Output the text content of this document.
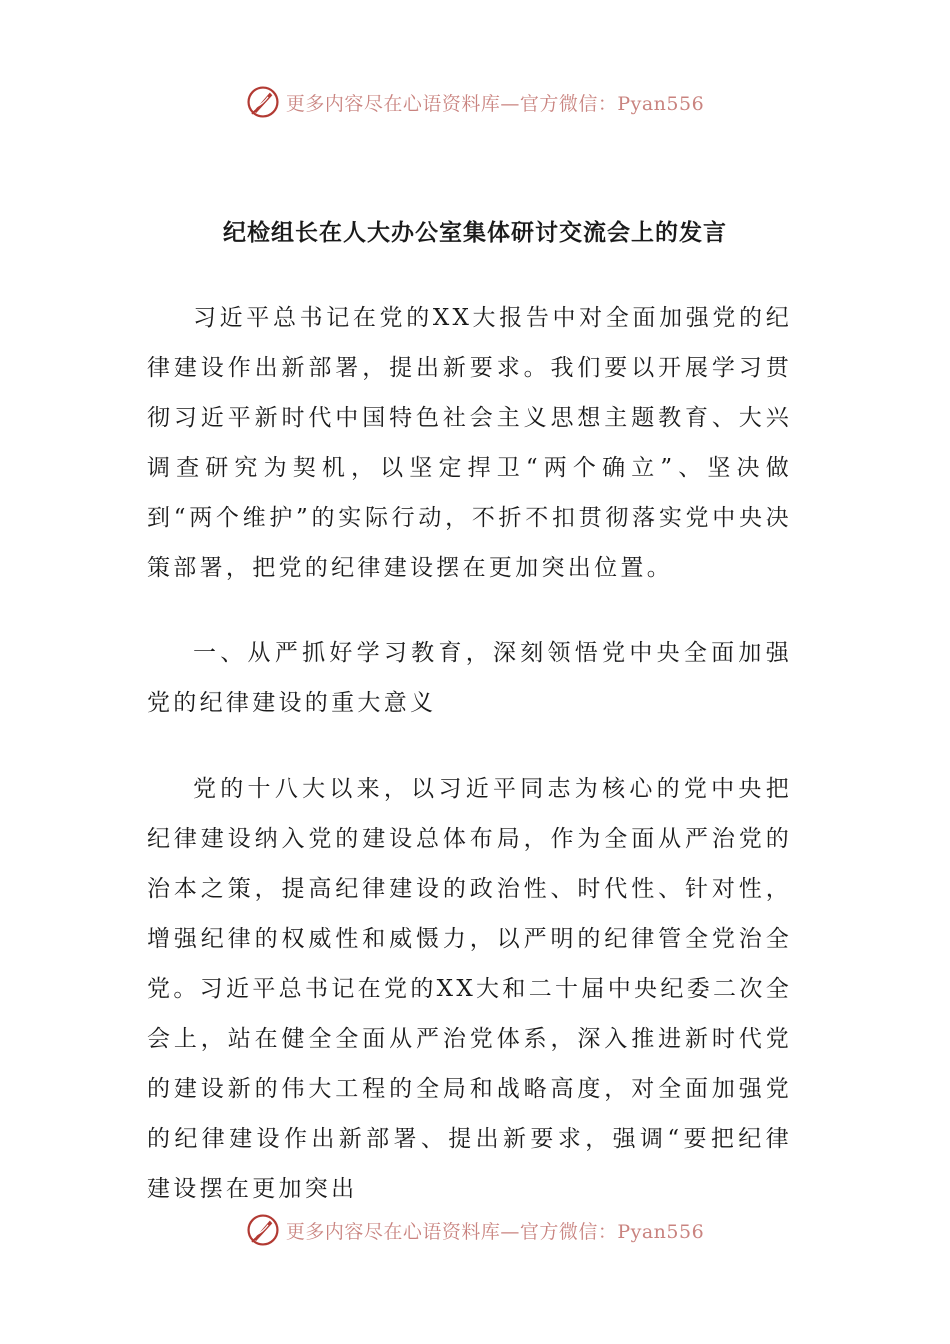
更多内容尽在心语资料库—官方微信：Pyan556
纪检组长在人大办公室集体研讨交流会上的发言

习近平总书记在党的XX大报告中对全面加强党的纪律建设作出新部署，提出新要求。我们要以开展学习贯彻习近平新时代中国特色社会主义思想主题教育、大兴调查研究为契机，以坚定捍卫“两个确立”、坚决做到“两个维护”的实际行动，不折不扣贯彻落实党中央决策部署，把党的纪律建设摆在更加突出位置。

一、从严抓好学习教育，深刻领悟党中央全面加强党的纪律建设的重大意义

党的十八大以来，以习近平同志为核心的党中央把纪律建设纳入党的建设总体布局，作为全面从严治党的治本之策，提高纪律建设的政治性、时代性、针对性，增强纪律的权威性和威慑力，以严明的纪律管全党治全党。习近平总书记在党的XX大和二十届中央纪委二次全会上，站在健全全面从严治党体系，深入推进新时代党的建设新的伟大工程的全局和战略高度，对全面加强党的纪律建设作出新部署、提出新要求，强调“要把纪律建设摆在更加突出

更多内容尽在心语资料库—官方微信：Pyan556
